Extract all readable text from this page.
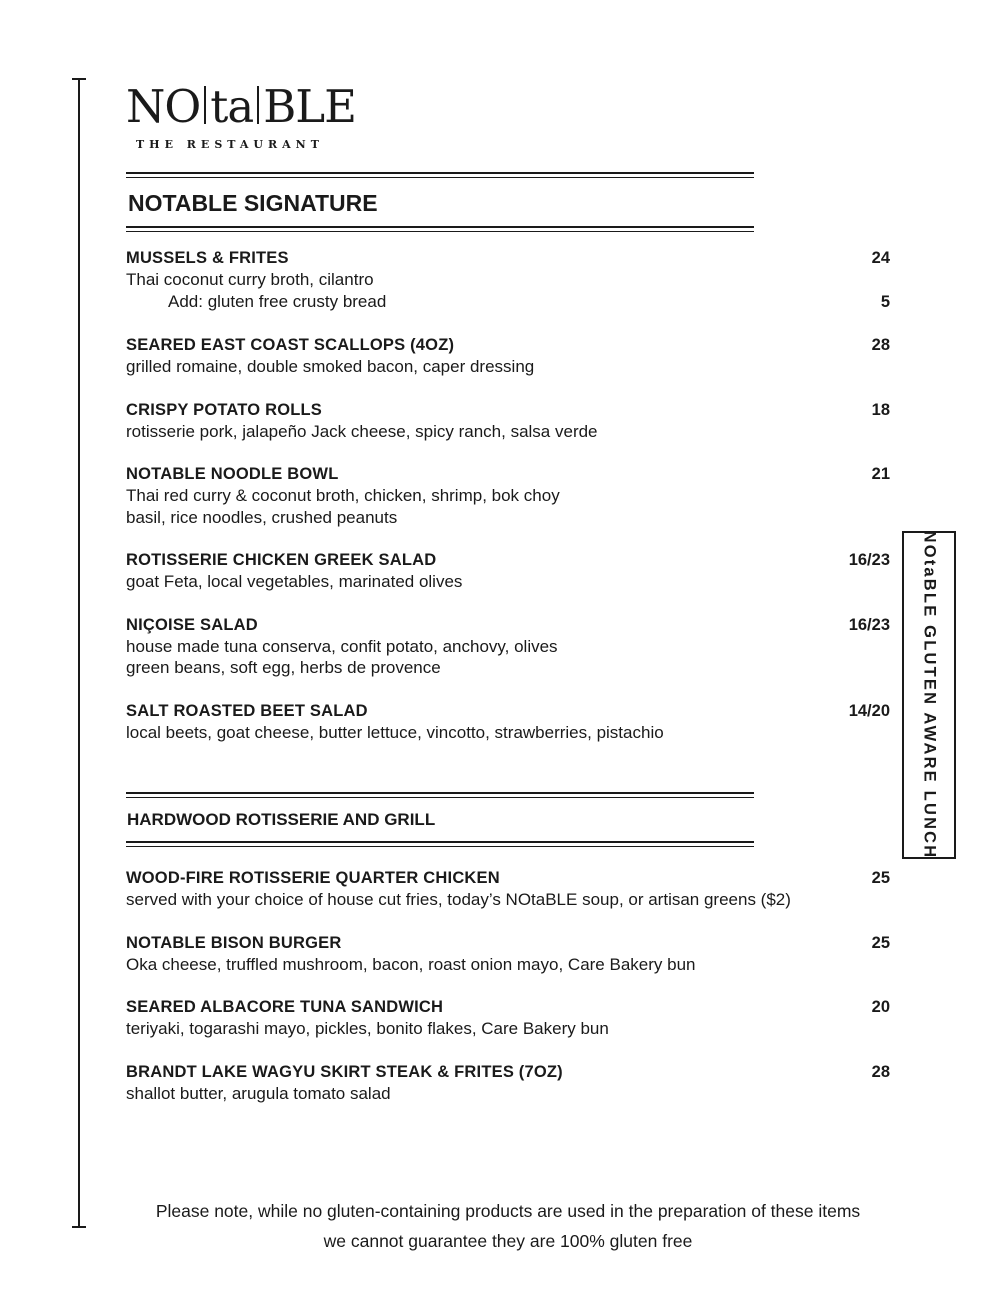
NO ta BLE
THE RESTAURANT
NOTABLE SIGNATURE
MUSSELS & FRITES	24
Thai coconut curry broth, cilantro
Add: gluten free crusty bread	5
SEARED EAST COAST SCALLOPS (4OZ)	28
grilled romaine, double smoked bacon, caper dressing
CRISPY POTATO ROLLS	18
rotisserie pork, jalapeño Jack cheese, spicy ranch, salsa verde
NOTABLE NOODLE BOWL	21
Thai red curry & coconut broth, chicken, shrimp, bok choy
basil, rice noodles, crushed peanuts
ROTISSERIE CHICKEN GREEK SALAD	16/23
goat Feta, local vegetables, marinated olives
NIÇOISE SALAD	16/23
house made tuna conserva, confit potato, anchovy, olives
green beans, soft egg, herbs de provence
SALT ROASTED BEET SALAD	14/20
local beets, goat cheese, butter lettuce, vincotto, strawberries, pistachio
HARDWOOD ROTISSERIE AND GRILL
WOOD-FIRE ROTISSERIE QUARTER CHICKEN	25
served with your choice of house cut fries, today’s NOtaBLE soup, or artisan greens ($2)
NOTABLE BISON BURGER	25
Oka cheese, truffled mushroom, bacon, roast onion mayo, Care Bakery bun
SEARED ALBACORE TUNA SANDWICH	20
teriyaki, togarashi mayo, pickles, bonito flakes, Care Bakery bun
BRANDT LAKE WAGYU SKIRT STEAK & FRITES (7OZ)	28
shallot butter, arugula tomato salad
NOtaBLE GLUTEN AWARE LUNCH
Please note, while no gluten-containing products are used in the preparation of these items
we cannot guarantee they are 100% gluten free
